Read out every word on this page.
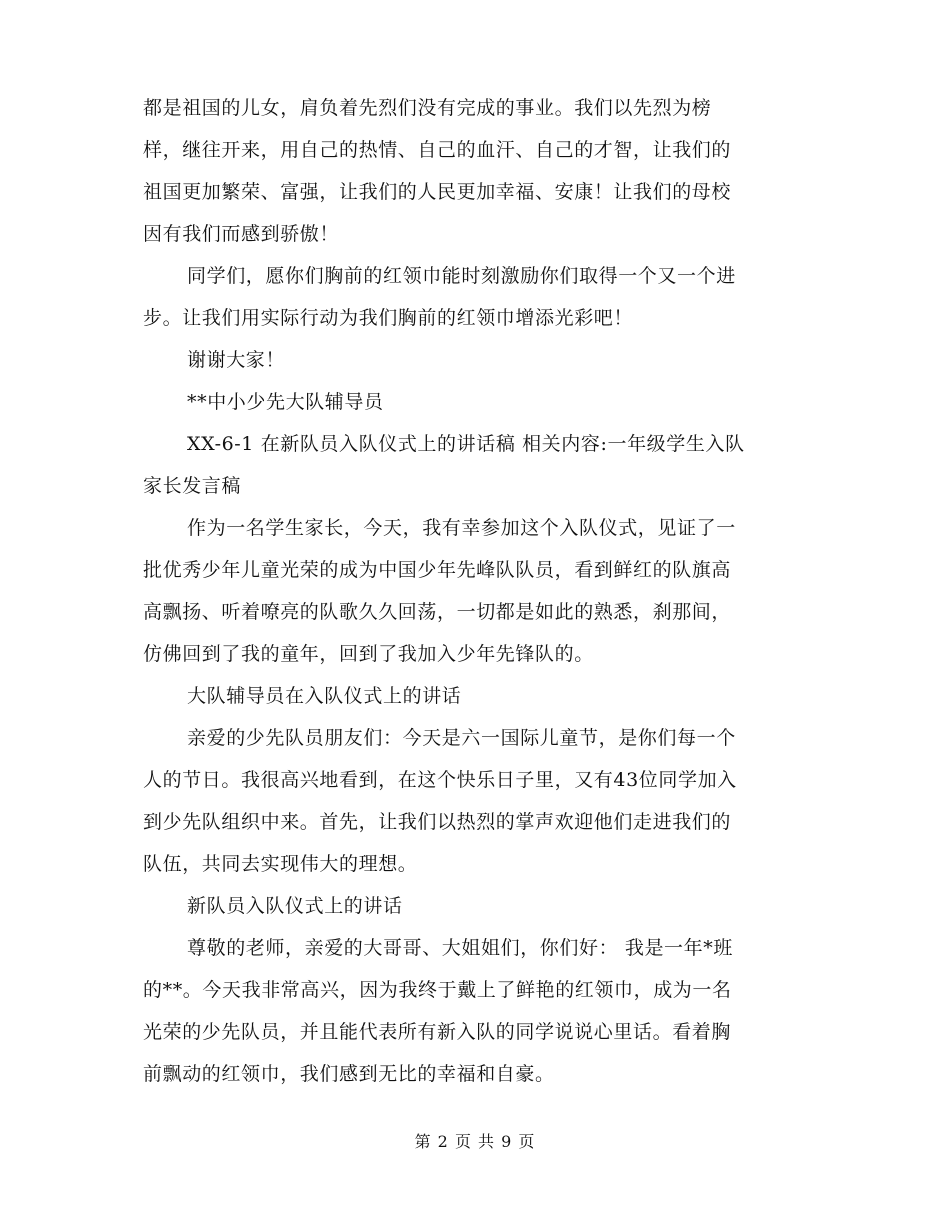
都是祖国的儿女，肩负着先烈们没有完成的事业。我们以先烈为榜
样，继往开来，用自己的热情、自己的血汗、自己的才智，让我们的
祖国更加繁荣、富强，让我们的人民更加幸福、安康！让我们的母校
因有我们而感到骄傲！
同学们，愿你们胸前的红领巾能时刻激励你们取得一个又一个进
步。让我们用实际行动为我们胸前的红领巾增添光彩吧！
谢谢大家！
**中小少先大队辅导员
XX-6-1 在新队员入队仪式上的讲话稿 相关内容:一年级学生入队
家长发言稿
作为一名学生家长，今天，我有幸参加这个入队仪式，见证了一
批优秀少年儿童光荣的成为中国少年先峰队队员，看到鲜红的队旗高
高飘扬、听着嘹亮的队歌久久回荡，一切都是如此的熟悉，刹那间，
仿佛回到了我的童年，回到了我加入少年先锋队的。
大队辅导员在入队仪式上的讲话
亲爱的少先队员朋友们：今天是六一国际儿童节，是你们每一个
人的节日。我很高兴地看到，在这个快乐日子里，又有43位同学加入
到少先队组织中来。首先，让我们以热烈的掌声欢迎他们走进我们的
队伍，共同去实现伟大的理想。
新队员入队仪式上的讲话
尊敬的老师，亲爱的大哥哥、大姐姐们，你们好： 我是一年*班
的**。今天我非常高兴，因为我终于戴上了鲜艳的红领巾，成为一名
光荣的少先队员，并且能代表所有新入队的同学说说心里话。看着胸
前飘动的红领巾，我们感到无比的幸福和自豪。
第 2 页 共 9 页
